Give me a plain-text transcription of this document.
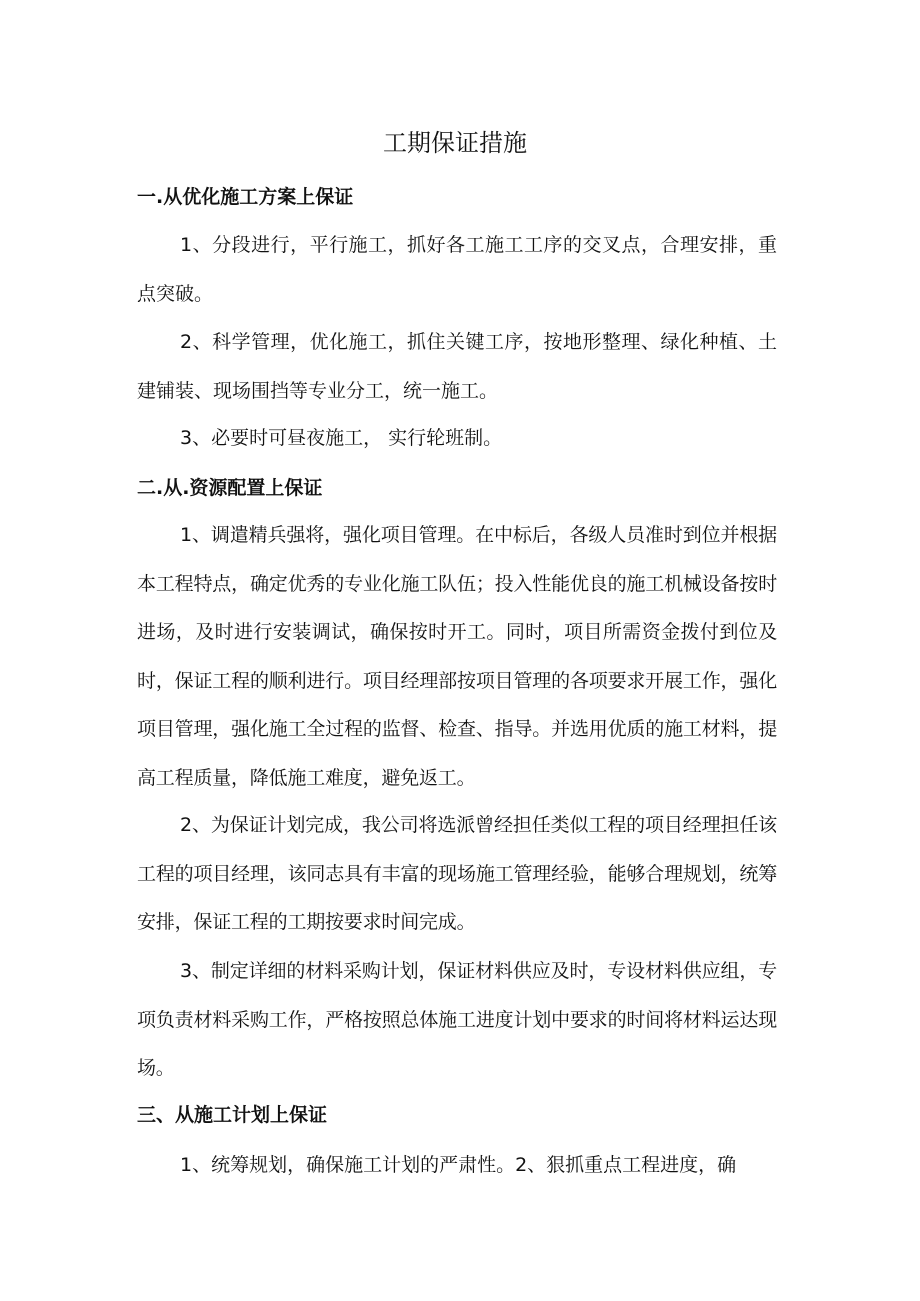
工期保证措施
一.从优化施工方案上保证

1、分段进行，平行施工，抓好各工施工工序的交叉点，合理安排，重点突破。

2、科学管理，优化施工，抓住关键工序，按地形整理、绿化种植、土建铺装、现场围挡等专业分工，统一施工。

3、必要时可昼夜施工， 实行轮班制。

二.从.资源配置上保证

1、调遣精兵强将，强化项目管理。在中标后，各级人员准时到位并根据本工程特点，确定优秀的专业化施工队伍；投入性能优良的施工机械设备按时进场，及时进行安装调试，确保按时开工。同时，项目所需资金拨付到位及时，保证工程的顺利进行。项目经理部按项目管理的各项要求开展工作，强化项目管理，强化施工全过程的监督、检查、指导。并选用优质的施工材料，提高工程质量，降低施工难度，避免返工。

2、为保证计划完成，我公司将选派曾经担任类似工程的项目经理担任该工程的项目经理，该同志具有丰富的现场施工管理经验，能够合理规划，统筹安排，保证工程的工期按要求时间完成。

3、制定详细的材料采购计划，保证材料供应及时，专设材料供应组，专项负责材料采购工作，严格按照总体施工进度计划中要求的时间将材料运达现场。

三、从施工计划上保证

1、统筹规划，确保施工计划的严肃性。2、狠抓重点工程进度，确
